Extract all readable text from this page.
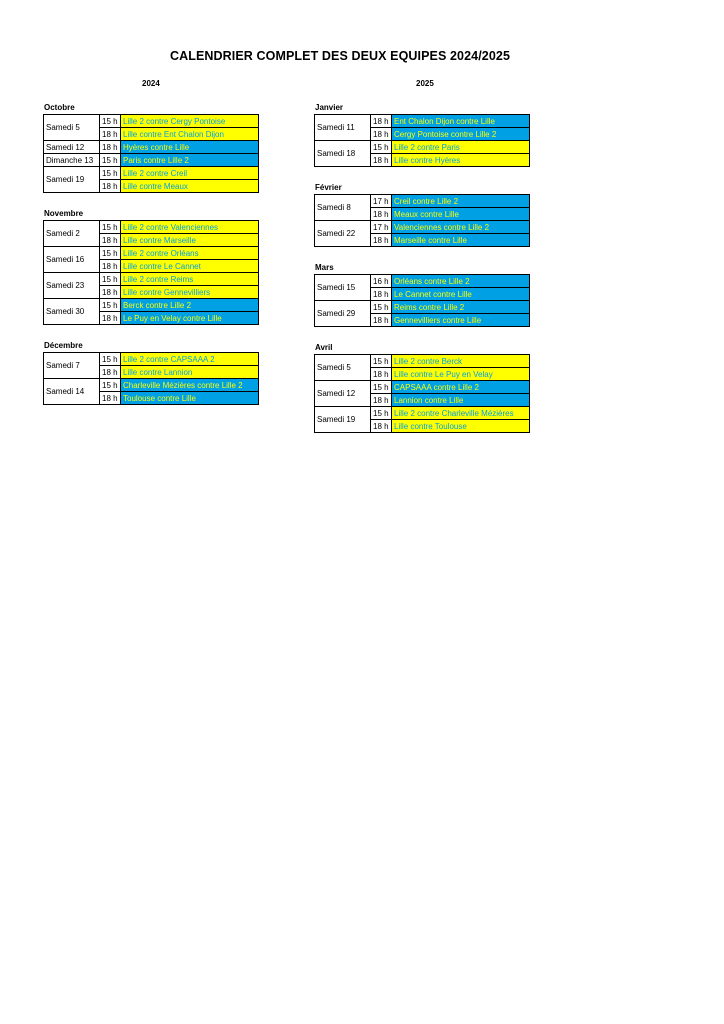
CALENDRIER COMPLET DES DEUX EQUIPES 2024/2025
2024	2025
Octobre
Samedi 5	15 h	Lille 2 contre Cergy Pontoise
	18 h	Lille contre Ent Chalon Dijon
Samedi 12	18 h	Hyères contre Lille
Dimanche 13	15 h	Paris contre Lille 2
Samedi 19	15 h	Lille 2 contre Creil
	18 h	Lille contre Meaux
Novembre
Samedi 2	15 h	Lille 2 contre Valenciennes
	18 h	Lille contre Marseille
Samedi 16	15 h	Lille 2 contre Orléans
	18 h	Lille contre Le Cannet
Samedi 23	15 h	Lille 2 contre Reims
	18 h	Lille contre Gennevilliers
Samedi 30	15 h	Berck contre Lille 2
	18 h	Le Puy en Velay contre Lille
Décembre
Samedi 7	15 h	Lille 2 contre CAPSAAA 2
	18 h	Lille contre Lannion
Samedi 14	15 h	Charleville Mézières contre Lille 2
	18 h	Toulouse contre Lille
Janvier
Samedi 11	18 h	Ent Chalon Dijon contre Lille
	18 h	Cergy Pontoise contre Lille 2
Samedi 18	15 h	Lille 2 contre Paris
	18 h	Lille contre Hyères
Février
Samedi 8	17 h	Creil contre Lille 2
	18 h	Meaux contre Lille
Samedi 22	17 h	Valenciennes contre Lille 2
	18 h	Marseille contre Lille
Mars
Samedi 15	16 h	Orléans contre Lille 2
	18 h	Le Cannet contre Lille
Samedi 29	15 h	Reims contre Lille 2
	18 h	Gennevilliers contre Lille
Avril
Samedi 5	15 h	Lille 2 contre Berck
	18 h	Lille contre Le Puy en Velay
Samedi 12	15 h	CAPSAAA contre Lille 2
	18 h	Lannion contre Lille
Samedi 19	15 h	Lille 2 contre Charleville Mézières
	18 h	Lille contre Toulouse
